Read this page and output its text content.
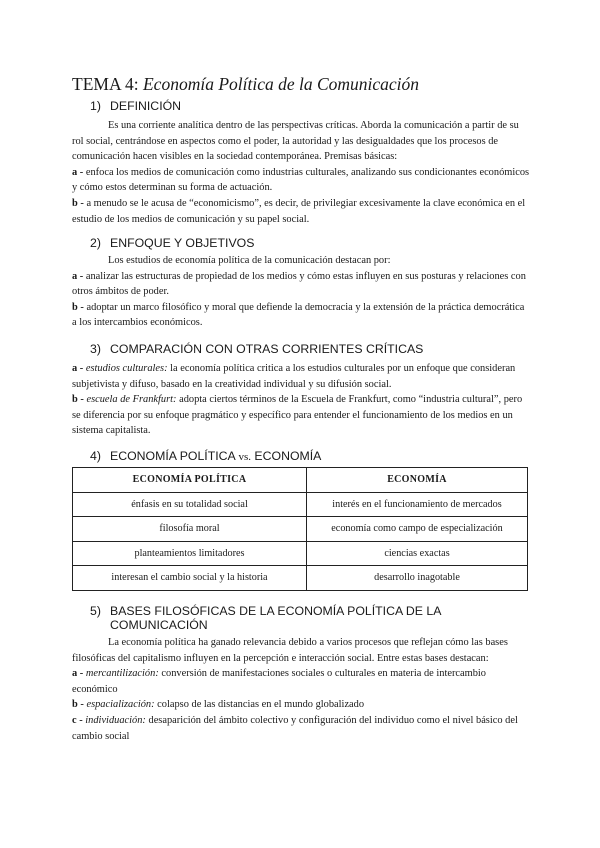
TEMA 4: Economía Política de la Comunicación
1) DEFINICIÓN

Es una corriente analítica dentro de las perspectivas críticas. Aborda la comunicación a partir de su rol social, centrándose en aspectos como el poder, la autoridad y las desigualdades que los procesos de comunicación hacen visibles en la sociedad contemporánea. Premisas básicas:

a - enfoca los medios de comunicación como industrias culturales, analizando sus condicionantes económicos y cómo estos determinan su forma de actuación.

b - a menudo se le acusa de “economicismo”, es decir, de privilegiar excesivamente la clave económica en el estudio de los medios de comunicación y su papel social.

2) ENFOQUE Y OBJETIVOS

Los estudios de economía política de la comunicación destacan por:

a - analizar las estructuras de propiedad de los medios y cómo estas influyen en sus posturas y relaciones con otros ámbitos de poder.

b - adoptar un marco filosófico y moral que defiende la democracia y la extensión de la práctica democrática a los intercambios económicos.

3) COMPARACIÓN CON OTRAS CORRIENTES CRÍTICAS

a - estudios culturales: la economía política critica a los estudios culturales por un enfoque que consideran subjetivista y difuso, basado en la creatividad individual y su difusión social.

b - escuela de Frankfurt: adopta ciertos términos de la Escuela de Frankfurt, como “industria cultural”, pero se diferencia por su enfoque pragmático y específico para entender el funcionamiento de los medios en un sistema capitalista.

4) ECONOMÍA POLÍTICA vs. ECONOMÍA
ECONOMÍA POLÍTICA	ECONOMÍA
énfasis en su totalidad social	interés en el funcionamiento de mercados
filosofía moral	economía como campo de especialización
planteamientos limitadores	ciencias exactas
interesan el cambio social y la historia	desarrollo inagotable
5) BASES FILOSÓFICAS DE LA ECONOMÍA POLÍTICA DE LA
COMUNICACIÓN

La economía política ha ganado relevancia debido a varios procesos que reflejan cómo las bases filosóficas del capitalismo influyen en la percepción e interacción social. Entre estas bases destacan:

a - mercantilización: conversión de manifestaciones sociales o culturales en materia de intercambio económico

b - espacialización: colapso de las distancias en el mundo globalizado

c - individuación: desaparición del ámbito colectivo y configuración del individuo como el nivel básico del cambio social
